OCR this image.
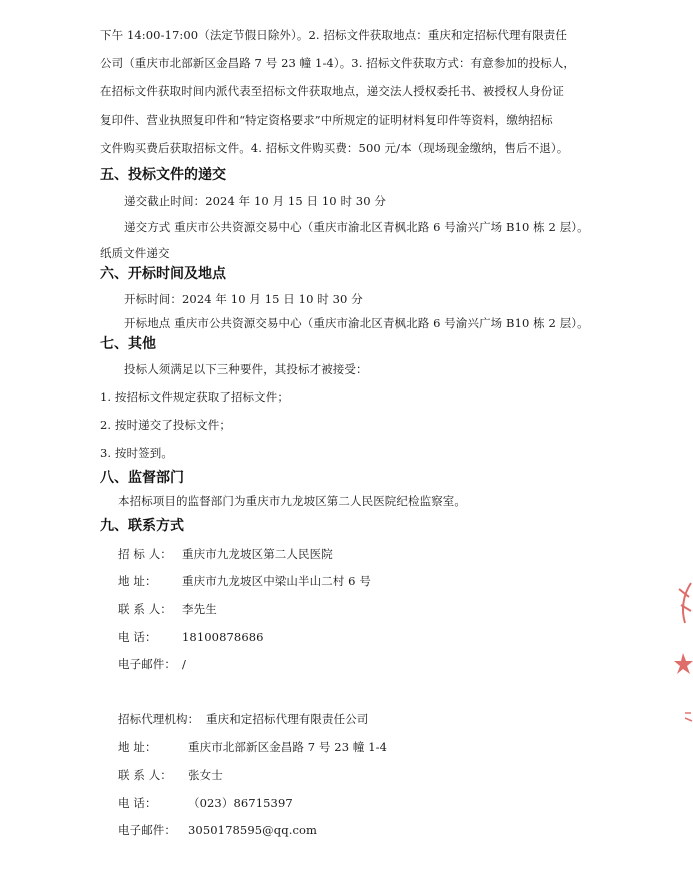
下午 14:00-17:00（法定节假日除外）。2. 招标文件获取地点：重庆和定招标代理有限责任
公司（重庆市北部新区金昌路 7 号 23 幢 1-4）。3. 招标文件获取方式：有意参加的投标人，
在招标文件获取时间内派代表至招标文件获取地点，递交法人授权委托书、被授权人身份证
复印件、营业执照复印件和“特定资格要求”中所规定的证明材料复印件等资料，缴纳招标
文件购买费后获取招标文件。4. 招标文件购买费：500 元/本（现场现金缴纳，售后不退）。
五、投标文件的递交
递交截止时间：2024 年 10 月 15 日 10 时 30 分
递交方式 重庆市公共资源交易中心（重庆市渝北区青枫北路 6 号渝兴广场 B10 栋 2 层）。
纸质文件递交
六、开标时间及地点
开标时间：2024 年 10 月 15 日 10 时 30 分
开标地点 重庆市公共资源交易中心（重庆市渝北区青枫北路 6 号渝兴广场 B10 栋 2 层）。
七、其他
投标人须满足以下三种要件，其投标才被接受：
1. 按招标文件规定获取了招标文件；
2. 按时递交了投标文件；
3. 按时签到。
八、监督部门
本招标项目的监督部门为重庆市九龙坡区第二人民医院纪检监察室。
九、联系方式
招 标 人： 重庆市九龙坡区第二人民医院
地 址： 重庆市九龙坡区中梁山半山二村 6 号
联 系 人： 李先生
电 话： 18100878686
电子邮件： /
招标代理机构： 重庆和定招标代理有限责任公司
地 址：	重庆市北部新区金昌路 7 号 23 幢 1-4
联 系 人： 张女士
电 话：	（023）86715397
电子邮件： 3050178595@qq.com
